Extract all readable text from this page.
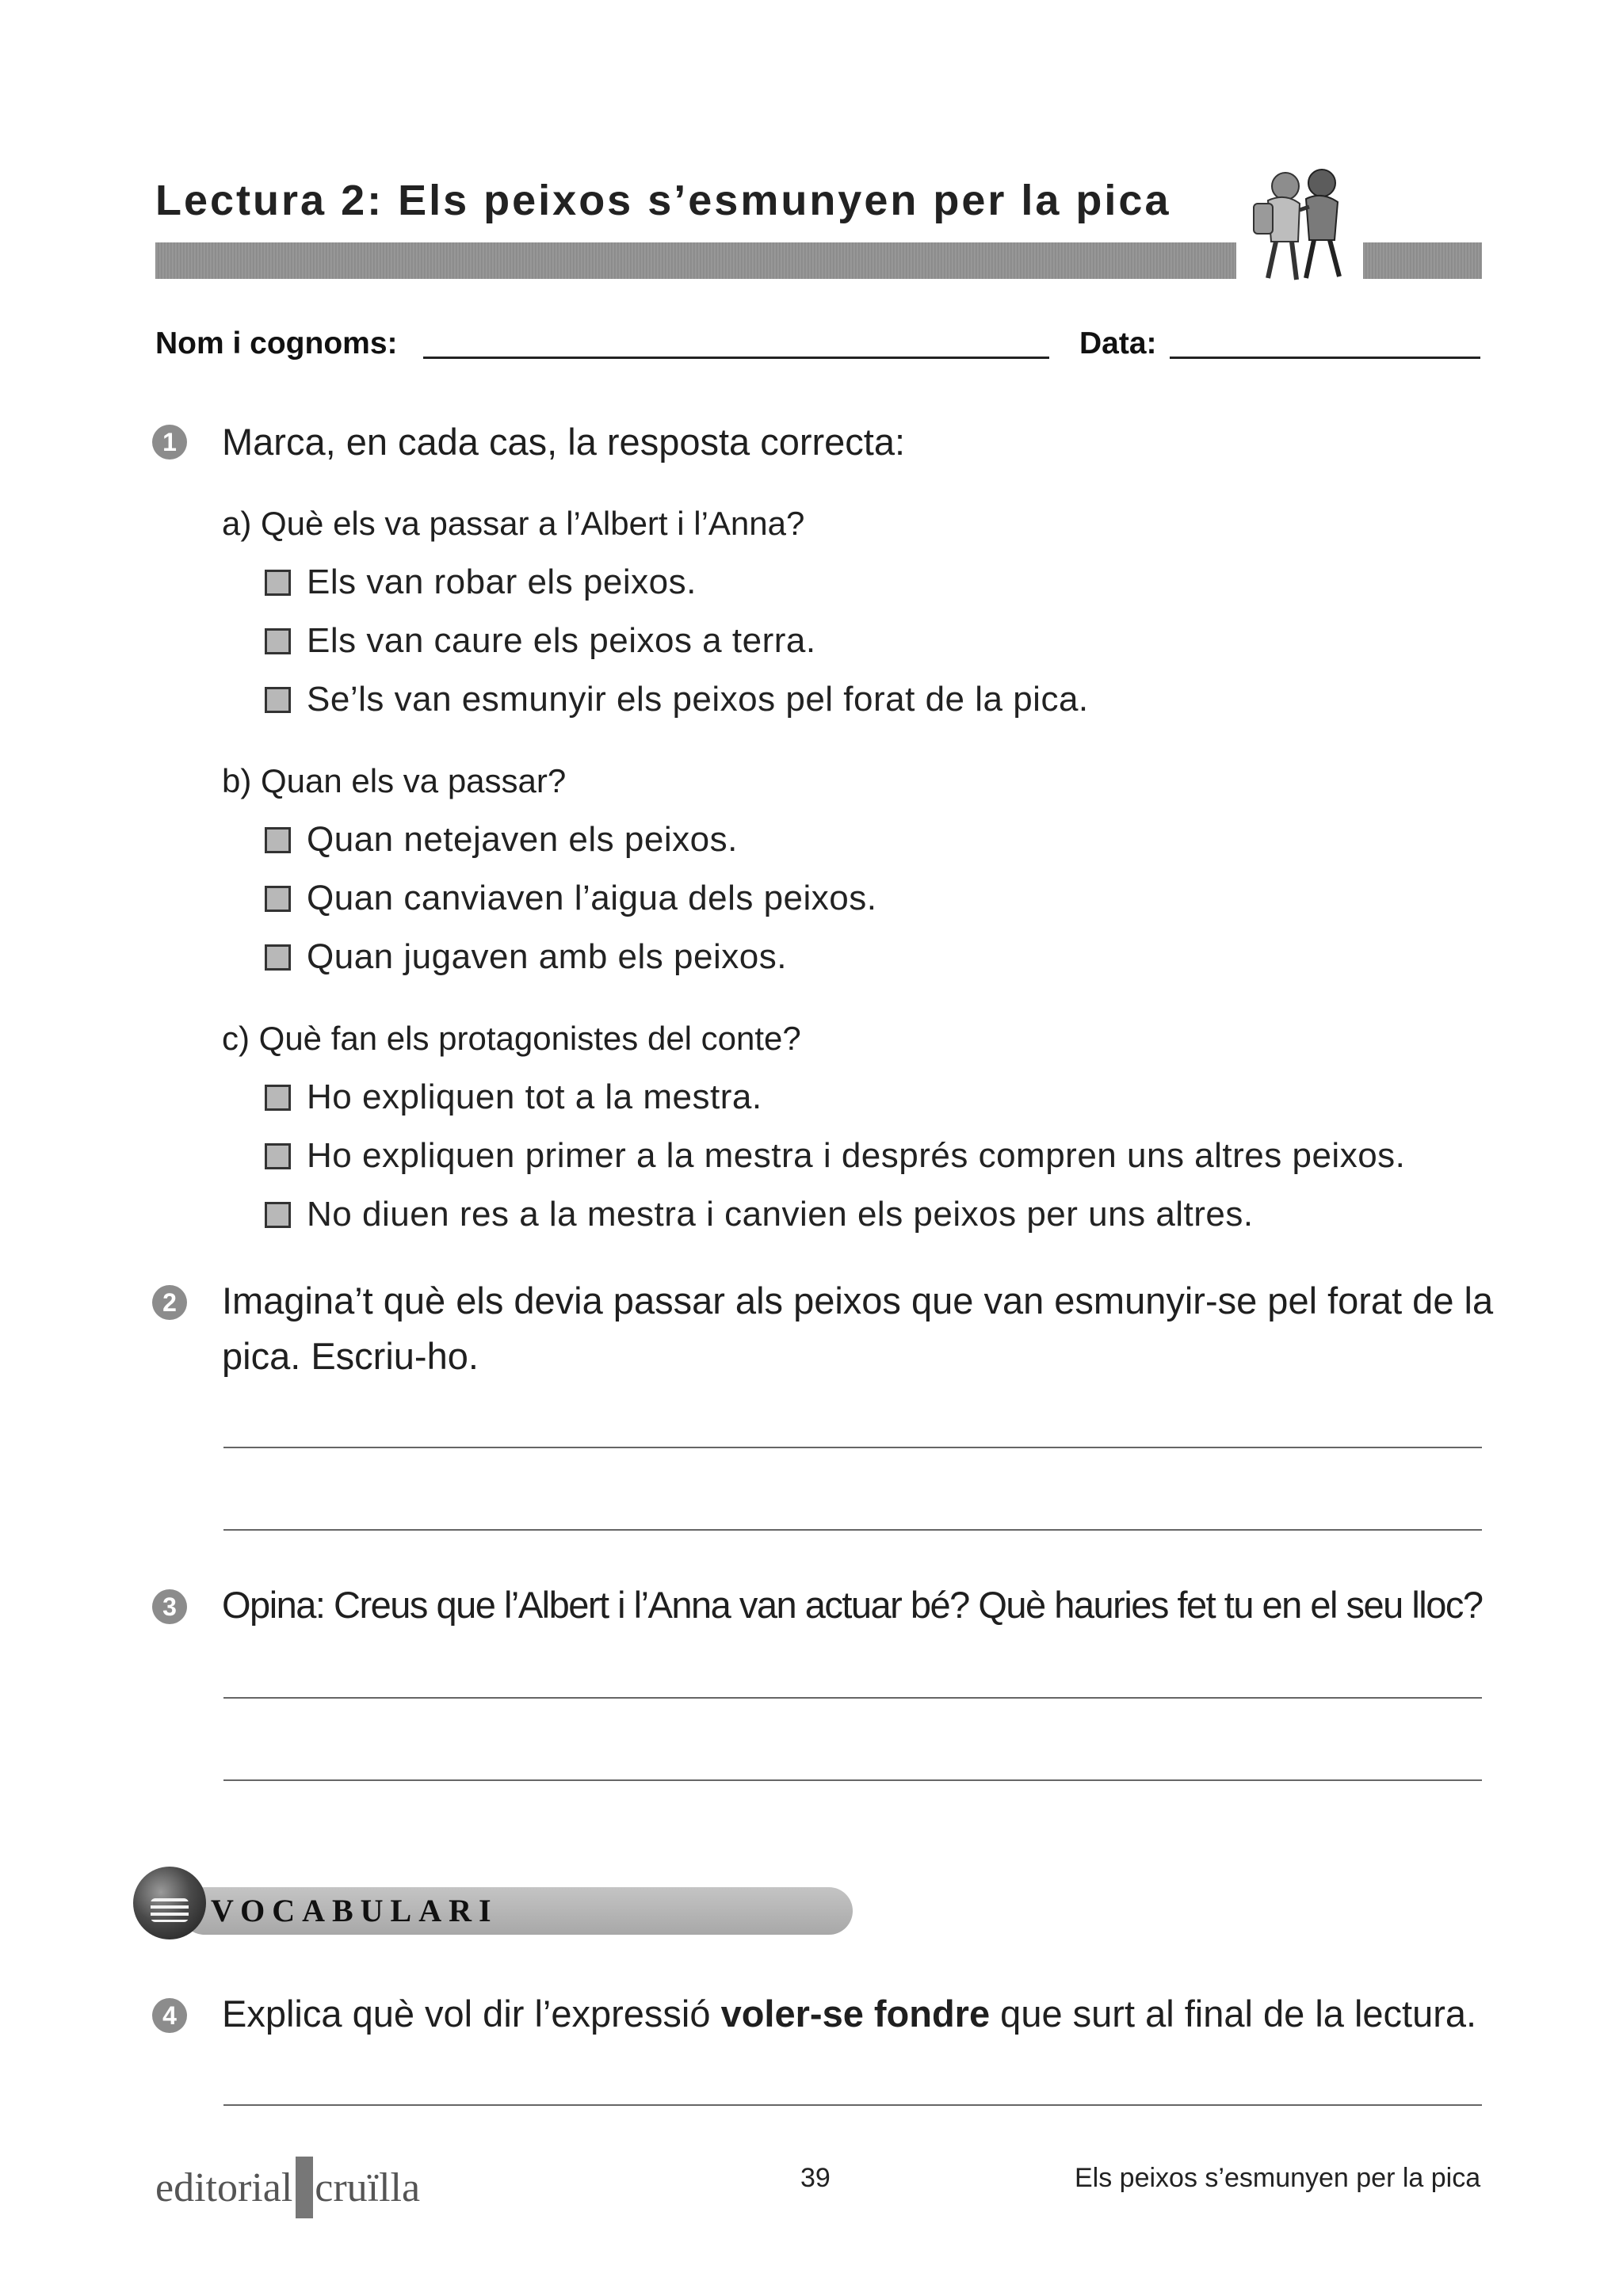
Lectura 2: Els peixos s’esmunyen per la pica
Nom i cognoms:	Data:
1 Marca, en cada cas, la resposta correcta:
a) Què els va passar a l’Albert i l’Anna?
Els van robar els peixos.
Els van caure els peixos a terra.
Se’ls van esmunyir els peixos pel forat de la pica.
b) Quan els va passar?
Quan netejaven els peixos.
Quan canviaven l’aigua dels peixos.
Quan jugaven amb els peixos.
c) Què fan els protagonistes del conte?
Ho expliquen tot a la mestra.
Ho expliquen primer a la mestra i després compren uns altres peixos.
No diuen res a la mestra i canvien els peixos per uns altres.
2 Imagina’t què els devia passar als peixos que van esmunyir-se pel forat de la
pica. Escriu-ho.
3 Opina: Creus que l’Albert i l’Anna van actuar bé? Què hauries fet tu en el seu lloc?
VOCABULARI
4 Explica què vol dir l’expressió voler-se fondre que surt al final de la lectura.
editorial cruïlla	39	Els peixos s’esmunyen per la pica
